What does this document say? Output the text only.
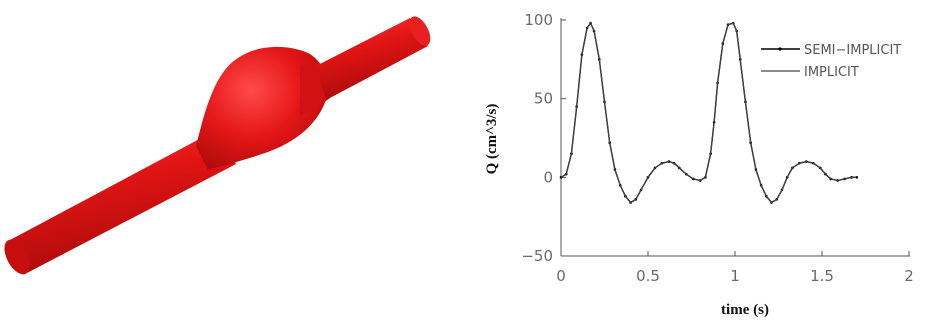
−50
0
50
100
0	0.5	1	1.5	2
Q (cm^3/s)
time (s)
SEMI−IMPLICIT
IMPLICIT
